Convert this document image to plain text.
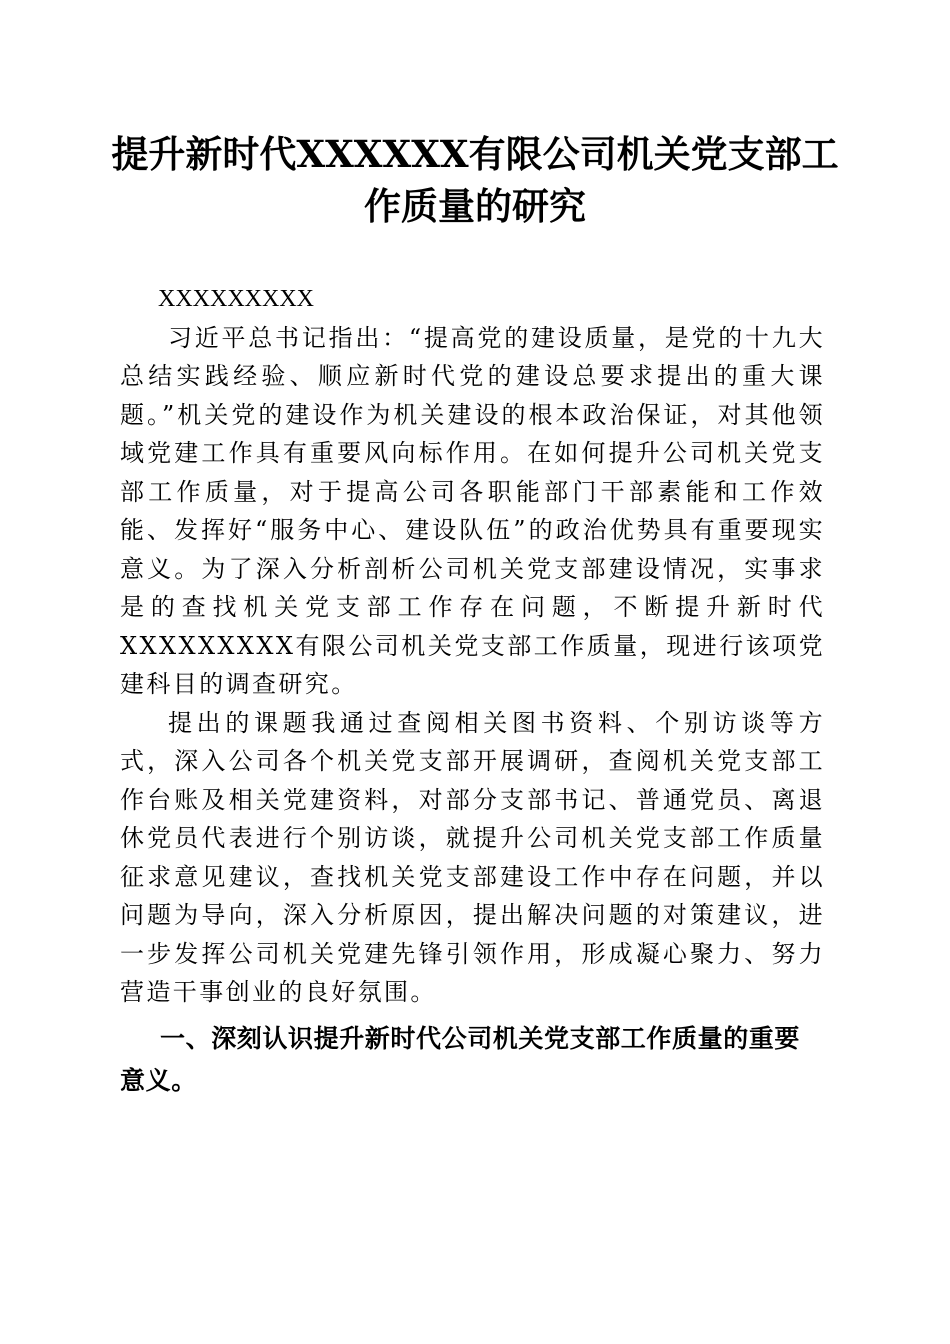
提升新时代XXXXXX有限公司机关党支部工
作质量的研究

XXXXXXXXX

习近平总书记指出：“提高党的建设质量，是党的十九大总结实践经验、顺应新时代党的建设总要求提出的重大课题。”机关党的建设作为机关建设的根本政治保证，对其他领域党建工作具有重要风向标作用。在如何提升公司机关党支部工作质量，对于提高公司各职能部门干部素能和工作效能、发挥好“服务中心、建设队伍”的政治优势具有重要现实意义。为了深入分析剖析公司机关党支部建设情况，实事求是的查找机关党支部工作存在问题，不断提升新时代XXXXXXXXX有限公司机关党支部工作质量，现进行该项党建科目的调查研究。

提出的课题我通过查阅相关图书资料、个别访谈等方式，深入公司各个机关党支部开展调研，查阅机关党支部工作台账及相关党建资料，对部分支部书记、普通党员、离退休党员代表进行个别访谈，就提升公司机关党支部工作质量征求意见建议，查找机关党支部建设工作中存在问题，并以问题为导向，深入分析原因，提出解决问题的对策建议，进一步发挥公司机关党建先锋引领作用，形成凝心聚力、努力营造干事创业的良好氛围。

一、深刻认识提升新时代公司机关党支部工作质量的重要意义。
